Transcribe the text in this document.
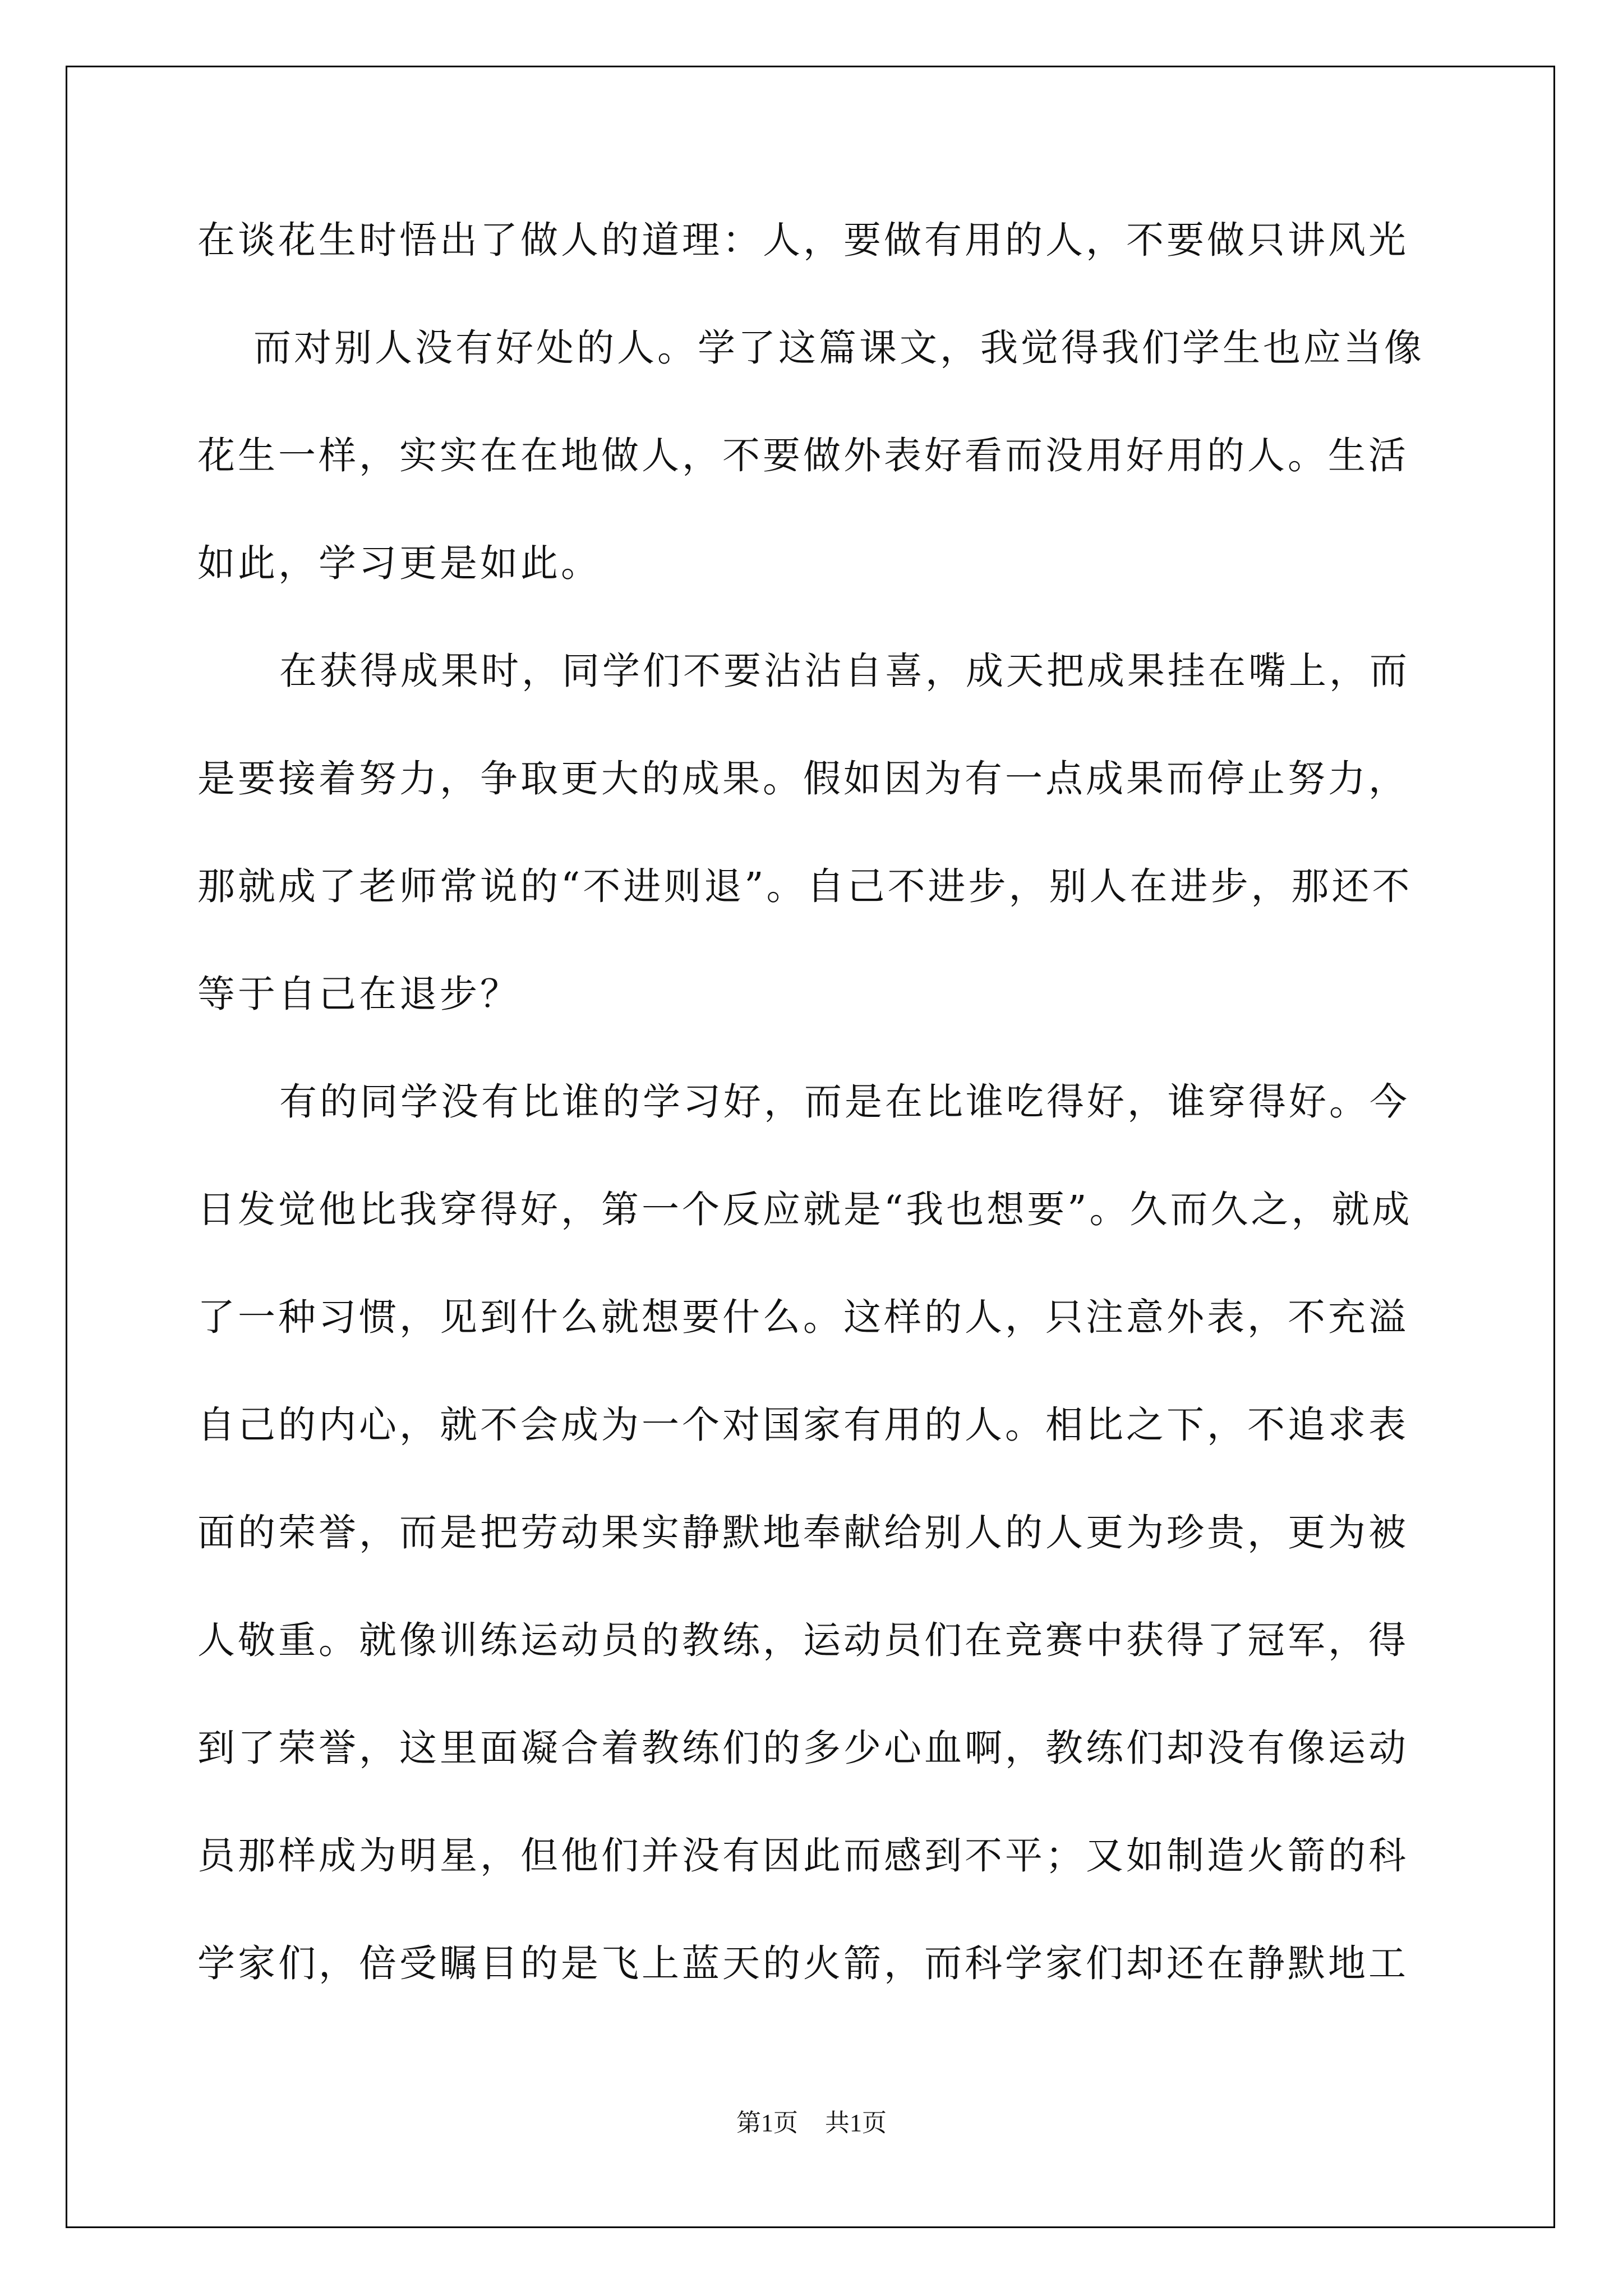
在谈花生时悟出了做人的道理：人，要做有用的人，不要做只讲风光
而对别人没有好处的人。学了这篇课文，我觉得我们学生也应当像
花生一样，实实在在地做人，不要做外表好看而没用好用的人。生活
如此，学习更是如此。
在获得成果时，同学们不要沾沾自喜，成天把成果挂在嘴上，而
是要接着努力，争取更大的成果。假如因为有一点成果而停止努力，
那就成了老师常说的“不进则退”。自己不进步，别人在进步，那还不
等于自己在退步？
有的同学没有比谁的学习好，而是在比谁吃得好，谁穿得好。今
日发觉他比我穿得好，第一个反应就是“我也想要”。久而久之，就成
了一种习惯，见到什么就想要什么。这样的人，只注意外表，不充溢
自己的内心，就不会成为一个对国家有用的人。相比之下，不追求表
面的荣誉，而是把劳动果实静默地奉献给别人的人更为珍贵，更为被
人敬重。就像训练运动员的教练，运动员们在竞赛中获得了冠军，得
到了荣誉，这里面凝合着教练们的多少心血啊，教练们却没有像运动
员那样成为明星，但他们并没有因此而感到不平；又如制造火箭的科
学家们，倍受瞩目的是飞上蓝天的火箭，而科学家们却还在静默地工
第1页 共1页
